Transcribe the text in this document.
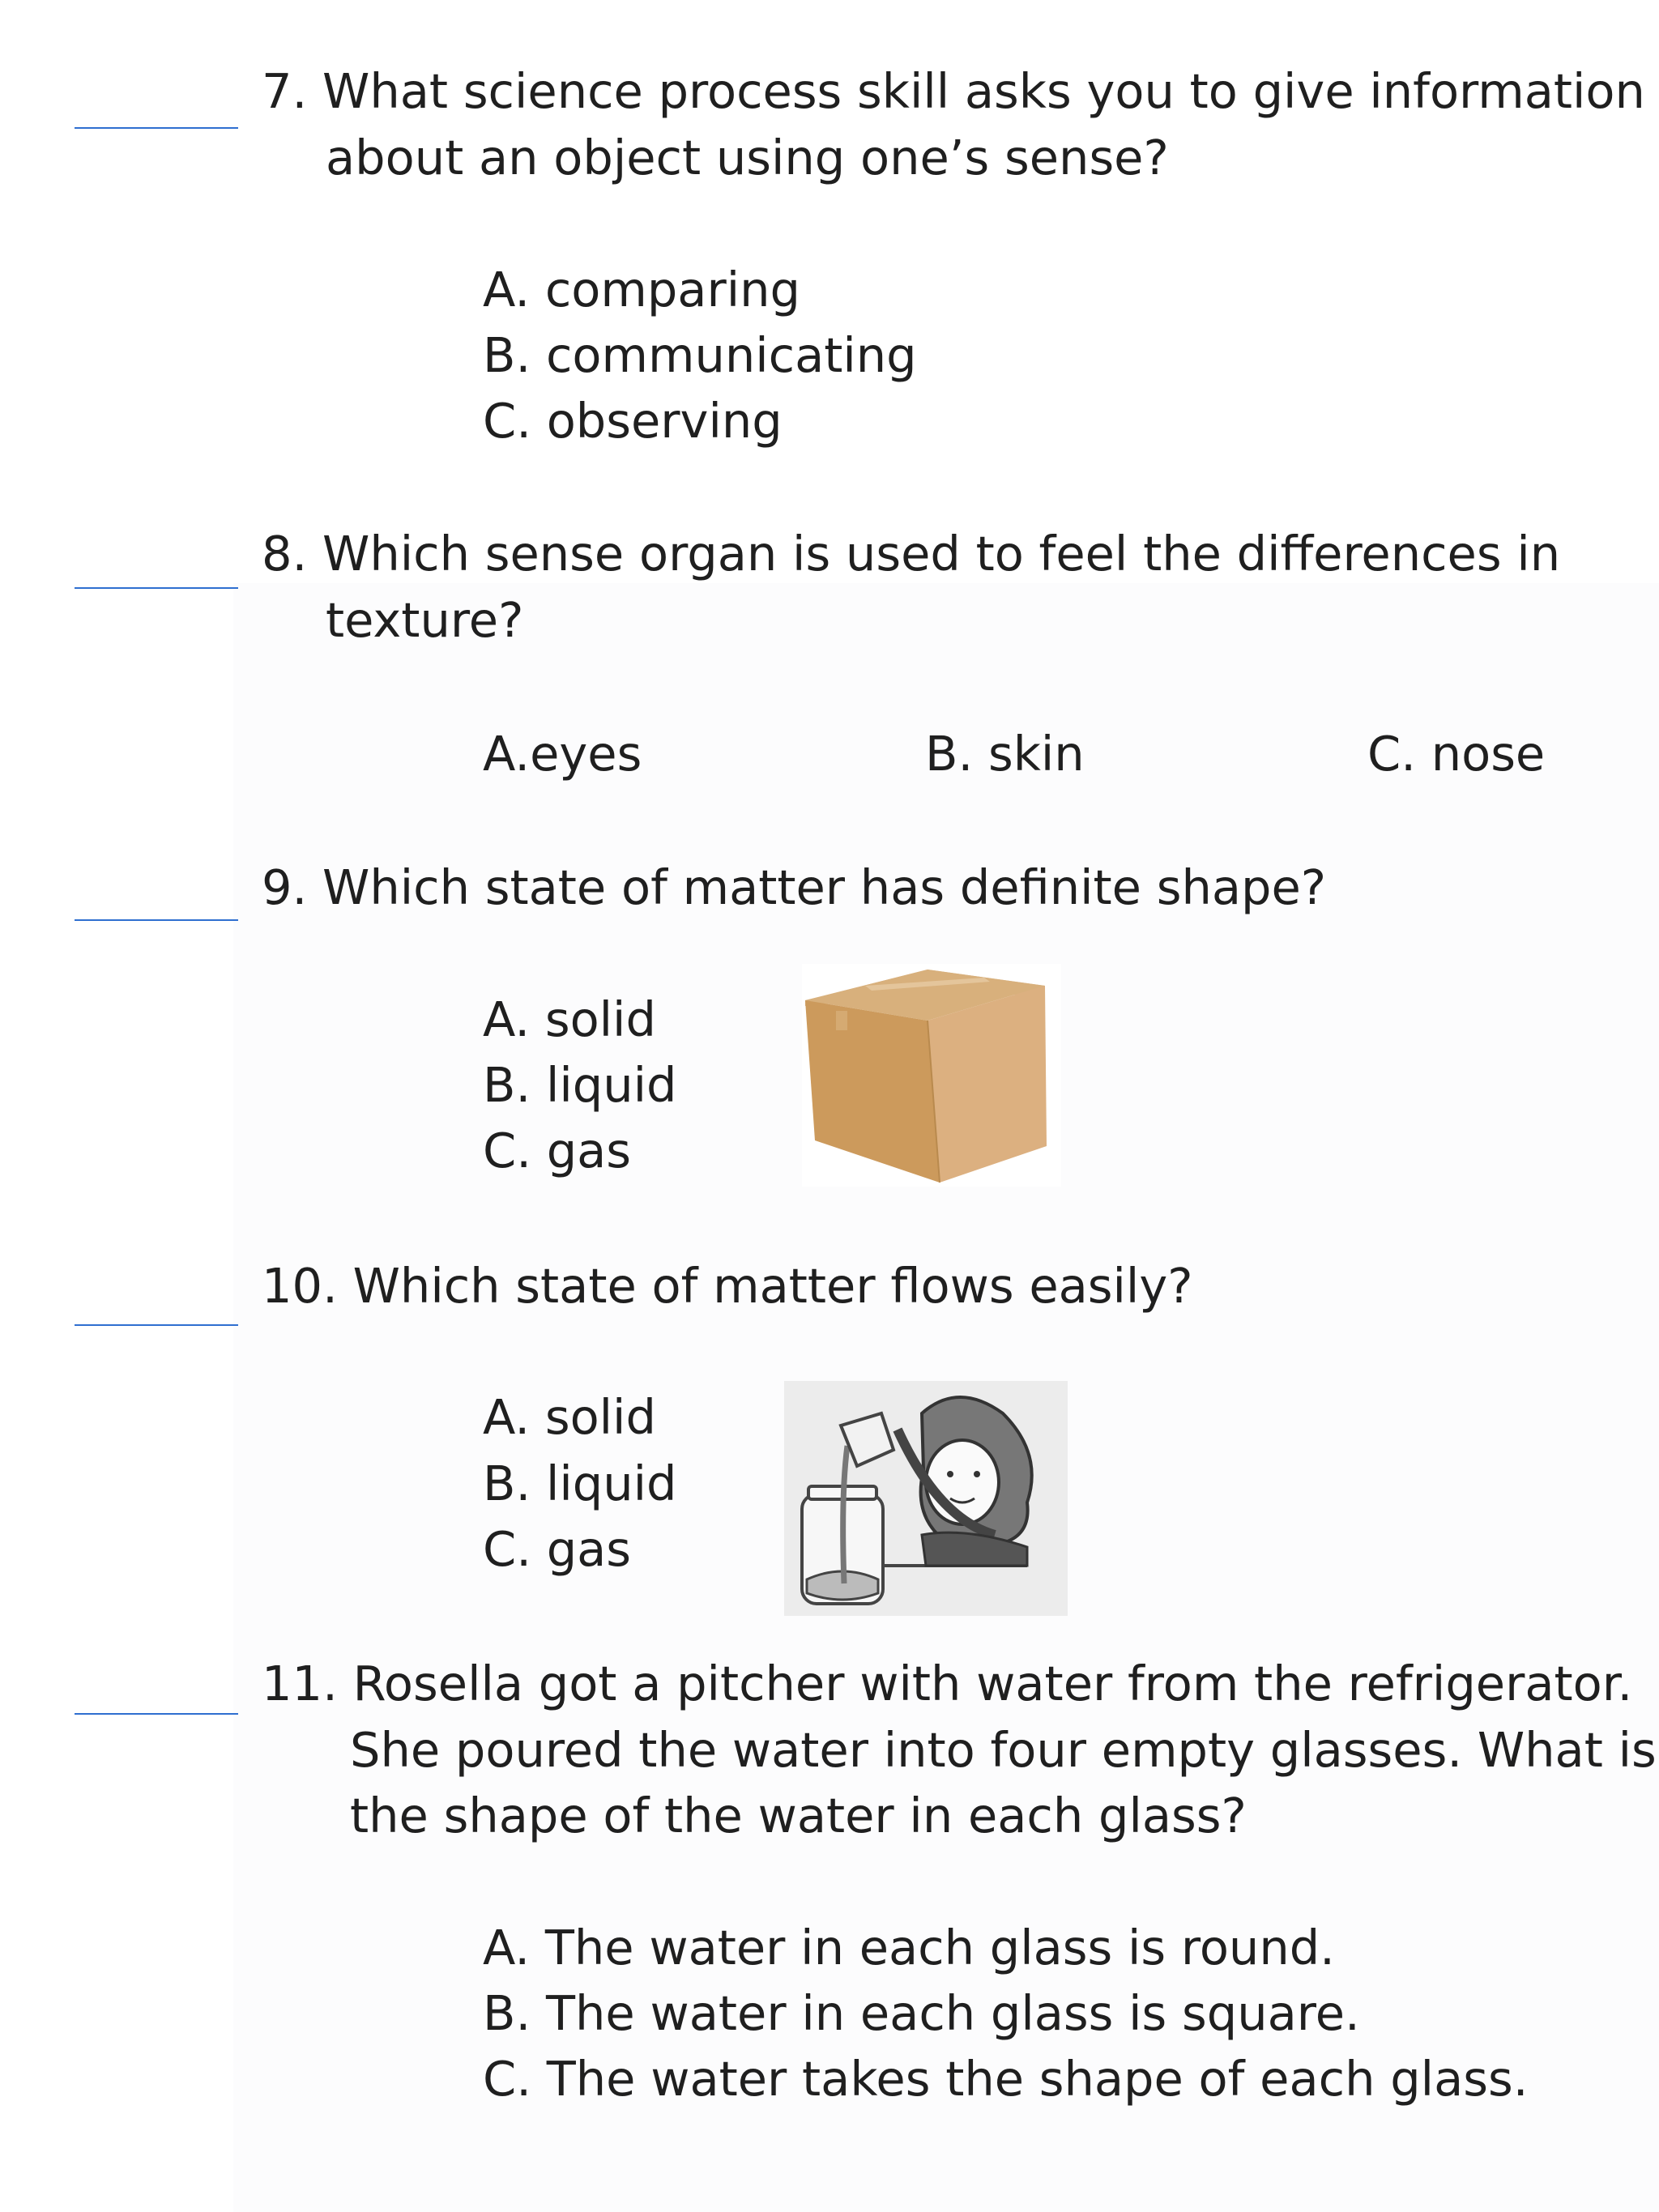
7. What science process skill asks you to give information
about an object using one’s sense?
A. comparing
B. communicating
C. observing
8. Which sense organ is used to feel the differences in
texture?
A.eyes	B. skin	C. nose
9. Which state of matter has definite shape?
A. solid
B. liquid
C. gas
10. Which state of matter flows easily?
A. solid
B. liquid
C. gas
11. Rosella got a pitcher with water from the refrigerator.
She poured the water into four empty glasses. What is
the shape of the water in each glass?
A. The water in each glass is round.
B. The water in each glass is square.
C. The water takes the shape of each glass.
